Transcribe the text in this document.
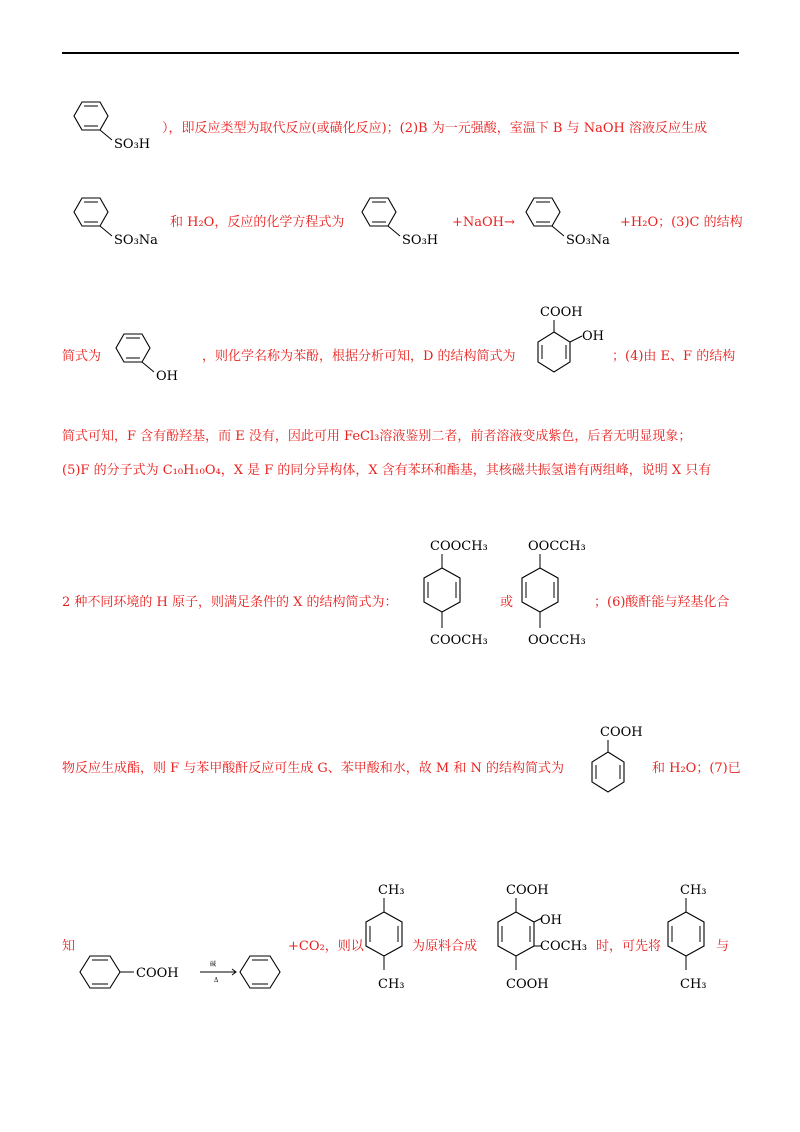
SO₃H
），即反应类型为取代反应(或磺化反应)；(2)B 为一元强酸，室温下 B 与 NaOH 溶液反应生成
SO₃Na
和 H₂O，反应的化学方程式为
SO₃H
+NaOH→
SO₃Na
+H₂O；(3)C 的结构
简式为
OH
，则化学名称为苯酚，根据分析可知，D 的结构简式为
COOH
OH
；(4)由 E、F 的结构
简式可知，F 含有酚羟基，而 E 没有，因此可用 FeCl₃溶液鉴别二者，前者溶液变成紫色，后者无明显现象；
(5)F 的分子式为 C₁₀H₁₀O₄，X 是 F 的同分异构体，X 含有苯环和酯基，其核磁共振氢谱有两组峰，说明 X 只有
2 种不同环境的 H 原子，则满足条件的 X 的结构简式为：
COOCH₃
COOCH₃
或
OOCCH₃
OOCCH₃
；(6)酸酐能与羟基化合
物反应生成酯，则 F 与苯甲酸酐反应可生成 G、苯甲酸和水，故 M 和 N 的结构简式为
COOH
和 H₂O；(7)已
知
COOH
碱
Δ
+CO₂，则以
CH₃
CH₃
为原料合成
COOH
OH
COCH₃
COOH
时，可先将
CH₃
CH₃
与
